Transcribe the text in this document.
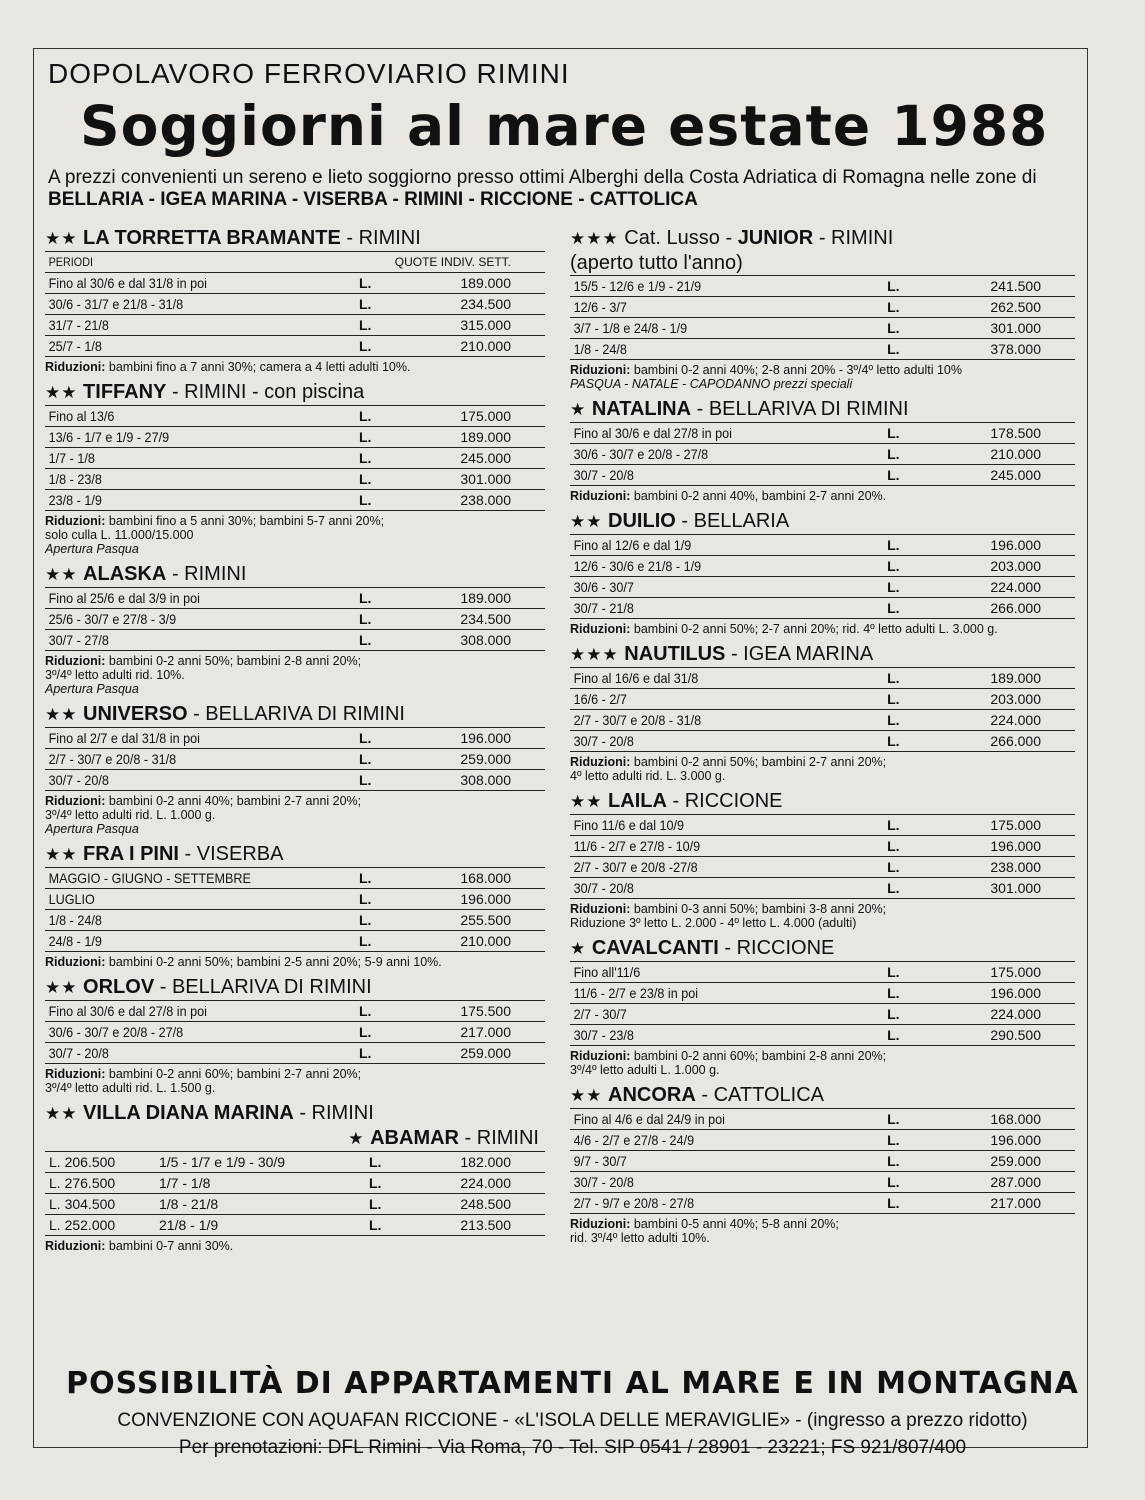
DOPOLAVORO FERROVIARIO RIMINI
Soggiorni al mare estate 1988
A prezzi convenienti un sereno e lieto soggiorno presso ottimi Alberghi della Costa Adriatica di Romagna nelle zone di BELLARIA - IGEA MARINA - VISERBA - RIMINI - RICCIONE - CATTOLICA
★★ LA TORRETTA BRAMANTE - RIMINI
PERIODI	QUOTE INDIV. SETT.	
Fino al 30/6 e dal 31/8 in poi	L.	189.000
30/6 - 31/7 e 21/8 - 31/8	L.	234.500
31/7 - 21/8	L.	315.000
25/7 - 1/8	L.	210.000
Riduzioni: bambini fino a 7 anni 30%; camera a 4 letti adulti 10%.
★★ TIFFANY - RIMINI - con piscina
Fino al 13/6	L.	175.000
13/6 - 1/7 e 1/9 - 27/9	L.	189.000
1/7 - 1/8	L.	245.000
1/8 - 23/8	L.	301.000
23/8 - 1/9	L.	238.000
Riduzioni: bambini fino a 5 anni 30%; bambini 5-7 anni 20%;
solo culla L. 11.000/15.000
Apertura Pasqua
★★ ALASKA - RIMINI
Fino al 25/6 e dal 3/9 in poi	L.	189.000
25/6 - 30/7 e 27/8 - 3/9	L.	234.500
30/7 - 27/8	L.	308.000
Riduzioni: bambini 0-2 anni 50%; bambini 2-8 anni 20%;
3º/4º letto adulti rid. 10%.
Apertura Pasqua
★★ UNIVERSO - BELLARIVA DI RIMINI
Fino al 2/7 e dal 31/8 in poi	L.	196.000
2/7 - 30/7 e 20/8 - 31/8	L.	259.000
30/7 - 20/8	L.	308.000
Riduzioni: bambini 0-2 anni 40%; bambini 2-7 anni 20%;
3º/4º letto adulti rid. L. 1.000 g.
Apertura Pasqua
★★ FRA I PINI - VISERBA
MAGGIO - GIUGNO - SETTEMBRE	L.	168.000
LUGLIO	L.	196.000
1/8 - 24/8	L.	255.500
24/8 - 1/9	L.	210.000
Riduzioni: bambini 0-2 anni 50%; bambini 2-5 anni 20%; 5-9 anni 10%.
★★ ORLOV - BELLARIVA DI RIMINI
Fino al 30/6 e dal 27/8 in poi	L.	175.500
30/6 - 30/7 e 20/8 - 27/8	L.	217.000
30/7 - 20/8	L.	259.000
Riduzioni: bambini 0-2 anni 60%; bambini 2-7 anni 20%;
3º/4º letto adulti rid. L. 1.500 g.
★★ VILLA DIANA MARINA - RIMINI
★ ABAMAR - RIMINI
L. 206.500	1/5 - 1/7 e 1/9 - 30/9	L.	182.000
L. 276.500	1/7 - 1/8	L.	224.000
L. 304.500	1/8 - 21/8	L.	248.500
L. 252.000	21/8 - 1/9	L.	213.500
Riduzioni: bambini 0-7 anni 30%.
★★★ Cat. Lusso - JUNIOR - RIMINI
(aperto tutto l'anno)
15/5 - 12/6 e 1/9 - 21/9	L.	241.500
12/6 - 3/7	L.	262.500
3/7 - 1/8 e 24/8 - 1/9	L.	301.000
1/8 - 24/8	L.	378.000
Riduzioni: bambini 0-2 anni 40%; 2-8 anni 20% - 3º/4º letto adulti 10%
PASQUA - NATALE - CAPODANNO prezzi speciali
★ NATALINA - BELLARIVA DI RIMINI
Fino al 30/6 e dal 27/8 in poi	L.	178.500
30/6 - 30/7 e 20/8 - 27/8	L.	210.000
30/7 - 20/8	L.	245.000
Riduzioni: bambini 0-2 anni 40%, bambini 2-7 anni 20%.
★★ DUILIO - BELLARIA
Fino al 12/6 e dal 1/9	L.	196.000
12/6 - 30/6 e 21/8 - 1/9	L.	203.000
30/6 - 30/7	L.	224.000
30/7 - 21/8	L.	266.000
Riduzioni: bambini 0-2 anni 50%; 2-7 anni 20%; rid. 4º letto adulti L. 3.000 g.
★★★ NAUTILUS - IGEA MARINA
Fino al 16/6 e dal 31/8	L.	189.000
16/6 - 2/7	L.	203.000
2/7 - 30/7 e 20/8 - 31/8	L.	224.000
30/7 - 20/8	L.	266.000
Riduzioni: bambini 0-2 anni 50%; bambini 2-7 anni 20%;
4º letto adulti rid. L. 3.000 g.
★★ LAILA - RICCIONE
Fino 11/6 e dal 10/9	L.	175.000
11/6 - 2/7 e 27/8 - 10/9	L.	196.000
2/7 - 30/7 e 20/8 -27/8	L.	238.000
30/7 - 20/8	L.	301.000
Riduzioni: bambini 0-3 anni 50%; bambini 3-8 anni 20%;
Riduzione 3º letto L. 2.000 - 4º letto L. 4.000 (adulti)
★ CAVALCANTI - RICCIONE
Fino all'11/6	L.	175.000
11/6 - 2/7 e 23/8 in poi	L.	196.000
2/7 - 30/7	L.	224.000
30/7 - 23/8	L.	290.500
Riduzioni: bambini 0-2 anni 60%; bambini 2-8 anni 20%;
3º/4º letto adulti L. 1.000 g.
★★ ANCORA - CATTOLICA
Fino al 4/6 e dal 24/9 in poi	L.	168.000
4/6 - 2/7 e 27/8 - 24/9	L.	196.000
9/7 - 30/7	L.	259.000
30/7 - 20/8	L.	287.000
2/7 - 9/7 e 20/8 - 27/8	L.	217.000
Riduzioni: bambini 0-5 anni 40%; 5-8 anni 20%;
rid. 3º/4º letto adulti 10%.
POSSIBILITÀ DI APPARTAMENTI AL MARE E IN MONTAGNA
CONVENZIONE CON AQUAFAN RICCIONE - «L'ISOLA DELLE MERAVIGLIE» - (ingresso a prezzo ridotto)
Per prenotazioni: DFL Rimini - Via Roma, 70 - Tel. SIP 0541 / 28901 - 23221; FS 921/807/400
